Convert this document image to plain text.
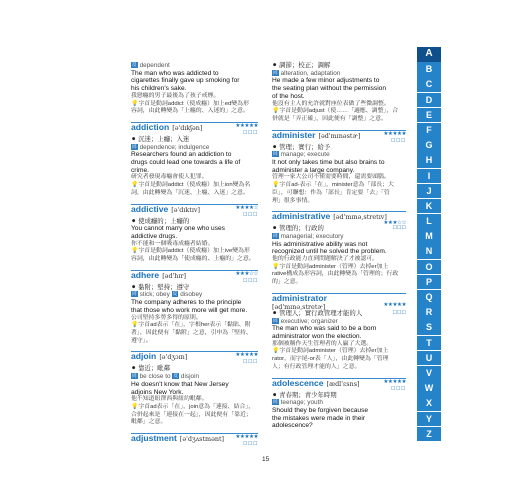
反 dependent
The man who was addicted to
cigarettes finally gave up smoking for
his children's sake.
我戀癮的男子最後為了孩子戒煙。
💡字首是動詞addict（使成癮）加上ed變為形
容詞，由此轉變為「上癮的、入迷的」之意。
addiction [ə'dɪkʃən]	★★★★★
☐☐☐
⚫ 沉迷；上癮；入迷
同 dependence; indulgence
Researchers found an addiction to
drugs could lead one towards a life of
crime.
研究者發現毒癮會使人犯罪。
💡字首是動詞addict（使成癮）加上ion變為名
詞，由此轉變為「沉迷、上癮、入迷」之意。
addictive [ə'dɪktɪv]	★★★★☆
☐☐☐
⚫ 使成癮的；上癮的
You cannot marry one who uses
addictive drugs.
你不能和一個吸毒成癮者結婚。
💡字首是動詞addict（使成癮）加上ive變為形
容詞，由此轉變為「使成癮的、上癮的」之意。
adhere [əd'hɪr]	★★★☆☆
☐☐☐
⚫ 黏附；堅持；遵守
同 stick; obey 反 disobey
The company adheres to the principle
that those who work more will get more.
公司堅持多勞多得的原則。
💡字首ad表示「在」，字根her表示「黏貼、附
著」，因此便有「黏附」之意，引申為「堅持、
遵守」。
adjoin [ə'dʒɔɪn]	★★★★★
☐☐☐
⚫ 靠近；毗鄰
同 be close to 反 disjoin
He doesn't know that New Jersey
adjoins New York.
他不知道紐澤西與紐約毗鄰。
💡字首ad表示「在」，join意為「連接、結合」，
合併起來是「連接在一起」，因此便有「靠近；
毗鄰」之意。
adjustment [ə'dʒʌstmənt] ★★★★★
☐☐☐
⚫ 調節；校正；調解
同 alteration, adaptation
He made a few minor adjustments to
the seating plan without the permission
of the host.
他沒有主人的允許就對座位表做了些微調整。
💡字首是動詞adjust（使……「適應、調整」，合
併就是「弄正確」，因此便有「調整」之意。
administer [əd'mɪnəstɚ]	★★★★★
☐☐☐
⚫ 管理；實行；給予
同 manage; execute
It not only takes time but also brains to
administer a large company.
管理一家大公司不僅需要時間，還需要頭腦。
💡字首ad-表示「在」，minister意為「部長；大
臣」，可聯想：作為「部長」肯定要「去」「管
理」很多事情。
administrative [əd'mɪnə,stretɪv]
★★★☆☆
⚫ 管理的；行政的	☐☐☐
同 managerial; executory
His administrative ability was not
recognized until he solved the problem.
他的行政能力直到問題解決了才被認可。
💡字首是動詞administer（管理）去掉er加上
rative構成為形容詞，由此轉變為「管理的；行政
的」之意。
administrator
[əd'mɪnə,stretɚ]	★★★★★
⚫ 管理人；實行政管理才能的人	☐☐☐
同 executive; organizer
The man who was said to be a born
administrator won the election.
那個被稱作天生管理者的人贏了大選。
💡字首是動詞administer（管理）去掉er加上
rator，而字尾-or表「人」，由此轉變為「管理
人；有行政管理才能的人」之意。
adolescence [ædl'ɛsns]	★★★★★
☐☐☐
⚫ 青春期；青少年時期
同 teenage; youth
Should they be forgiven because
the mistakes were made in their
adolescence?
A
B
C
D
E
F
G
H
I
J
K
L
M
N
O
P
Q
R
S
T
U
V
W
X
Y
Z
15
